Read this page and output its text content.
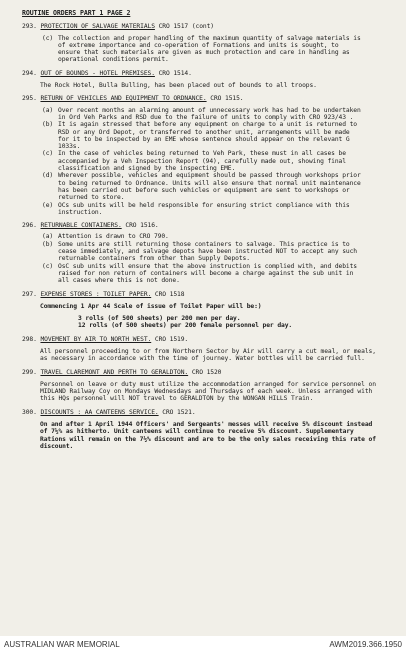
ROUTINE ORDERS PART 1 PAGE 2
293. PROTECTION OF SALVAGE MATERIALS CRO 1517 (cont)
(c) The collection and proper handling of the maximum quantity of salvage materials is of extreme importance and co-operation of Formations and units is sought, to ensure that such materials are given as much protection and care in handling as operational conditions permit.
294. OUT OF BOUNDS - HOTEL PREMISES. CRO 1514.
The Rock Hotel, Bulla Bulling, has been placed out of bounds to all troops.
295. RETURN OF VEHICLES AND EQUIPMENT TO ORDNANCE. CRO 1515.
(a) Over recent months an alarming amount of unnecessary work has had to be undertaken in Ord Veh Parks and RSD due to the failure of units to comply with CRO 923/43 .
(b) It is again stressed that before any equipment on charge to a unit is returned to RSD or any Ord Depot, or transferred to another unit, arrangements will be made for it to be inspected by an EME whose sentence should appear on the relevant G 1033s.
(c) In the case of vehicles being returned to Veh Park, these must in all cases be accompanied by a Veh Inspection Report (94), carefully made out, showing final classification and signed by the inspecting EME.
(d) Wherever possible, vehicles and equipment should be passed through workshops prior to being returned to Ordnance. Units will also ensure that normal unit maintenance has been carried out before such vehicles or equipment are sent to workshops or returned to store.
(e) OCs sub units will be held responsible for ensuring strict compliance with this instruction.
296. RETURNABLE CONTAINERS. CRO 1516.
(a) Attention is drawn to CRO 790.
(b) Some units are still returning those containers to salvage. This practice is to cease immediately, and salvage depots have been instructed NOT to accept any such returnable containers from other than Supply Depots.
(c) OsC sub units will ensure that the above instruction is complied with, and debits raised for non return of containers will become a charge against the sub unit in all cases where this is not done.
297. EXPENSE STORES : TOILET PAPER. CRO 1518
Commencing 1 Apr 44 Scale of issue of Toilet Paper will be:)
3 rolls (of 500 sheets) per 200 men per day.
12 rolls (of 500 sheets) per 200 female personnel per day.
298. MOVEMENT BY AIR TO NORTH WEST. CRO 1519.
All personnel proceeding to or from Northern Sector by Air will carry a cut meal, or meals, as necessary in accordance with the time of journey. Water bottles will be carried full.
299. TRAVEL CLAREMONT AND PERTH TO GERALDTON. CRO 1520
Personnel on leave or duty must utilize the accommodation arranged for service personnel on MIDLAND Railway Coy on Mondays Wednesdays and Thursdays of each week. Unless arranged with this HQs personnel will NOT travel to GERALDTON by the WONGAN HILLS Train.
300. DISCOUNTS : AA CANTEENS SERVICE. CRO 1521.
On and after 1 April 1944 Officers' and Sergeants' messes will receive 5% discount instead of 7½% as hitherto. Unit canteens will continue to receive 5% discount. Supplementary Rations will remain on the 7½% discount and are to be the only sales receiving this rate of discount.
AUSTRALIAN WAR MEMORIAL	AWM2019.366.1950
